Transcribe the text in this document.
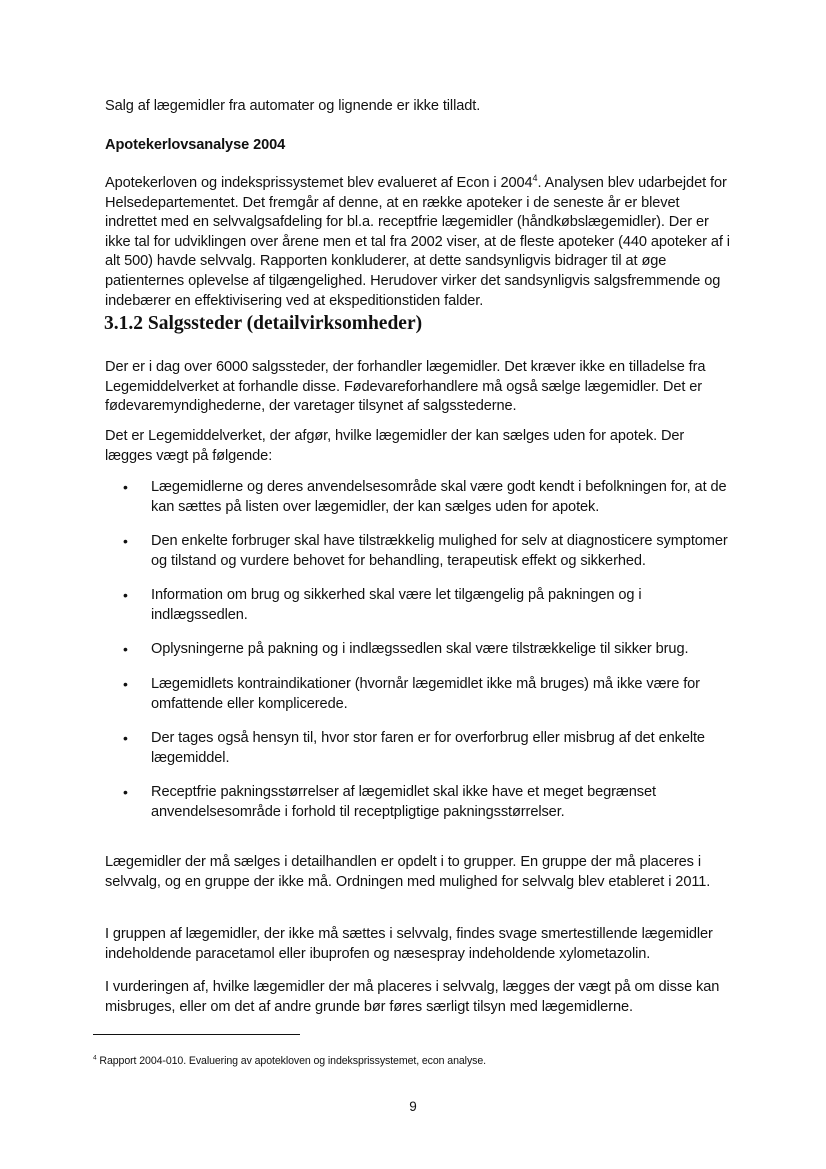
Salg af lægemidler fra automater og lignende er ikke tilladt.

Apotekerlovsanalyse 2004

Apotekerloven og indeksprissystemet blev evalueret af Econ i 2004$^4$. Analysen blev udarbejdet for Helsedepartementet. Det fremgår af denne, at en række apoteker i de seneste år er blevet indrettet med en selvvalgsafdeling for bl.a. receptfrie lægemidler (håndkøbslægemidler). Der er ikke tal for udviklingen over årene men et tal fra 2002 viser, at de fleste apoteker (440 apoteker af i alt 500) havde selvvalg. Rapporten konkluderer, at dette sandsynligvis bidrager til at øge patienternes oplevelse af tilgængelighed. Herudover virker det sandsynligvis salgsfremmende og indebærer en effektivisering ved at ekspeditionstiden falder.

3.1.2 Salgssteder (detailvirksomheder)

Der er i dag over 6000 salgssteder, der forhandler lægemidler. Det kræver ikke en tilladelse fra Legemiddelverket at forhandle disse. Fødevareforhandlere må også sælge lægemidler. Det er fødevaremyndighederne, der varetager tilsynet af salgsstederne.

Det er Legemiddelverket, der afgør, hvilke lægemidler der kan sælges uden for apotek. Der lægges vægt på følgende:

• Lægemidlerne og deres anvendelsesområde skal være godt kendt i befolkningen for, at de kan sættes på listen over lægemidler, der kan sælges uden for apotek.
• Den enkelte forbruger skal have tilstrækkelig mulighed for selv at diagnosticere symptomer og tilstand og vurdere behovet for behandling, terapeutisk effekt og sikkerhed.
• Information om brug og sikkerhed skal være let tilgængelig på pakningen og i indlægssedlen.
• Oplysningerne på pakning og i indlægssedlen skal være tilstrækkelige til sikker brug.
• Lægemidlets kontraindikationer (hvornår lægemidlet ikke må bruges) må ikke være for omfattende eller komplicerede.
• Der tages også hensyn til, hvor stor faren er for overforbrug eller misbrug af det enkelte lægemiddel.
• Receptfrie pakningsstørrelser af lægemidlet skal ikke have et meget begrænset anvendelsesområde i forhold til receptpligtige pakningsstørrelser.

Lægemidler der må sælges i detailhandlen er opdelt i to grupper. En gruppe der må placeres i selvvalg, og en gruppe der ikke må. Ordningen med mulighed for selvvalg blev etableret i 2011.

I gruppen af lægemidler, der ikke må sættes i selvvalg, findes svage smertestillende lægemidler indeholdende paracetamol eller ibuprofen og næsespray indeholdende xylometazolin.

I vurderingen af, hvilke lægemidler der må placeres i selvvalg, lægges der vægt på om disse kan misbruges, eller om det af andre grunde bør føres særligt tilsyn med lægemidlerne.

$^4$ Rapport 2004-010. Evaluering av apotekloven og indeksprissystemet, econ analyse.

9
